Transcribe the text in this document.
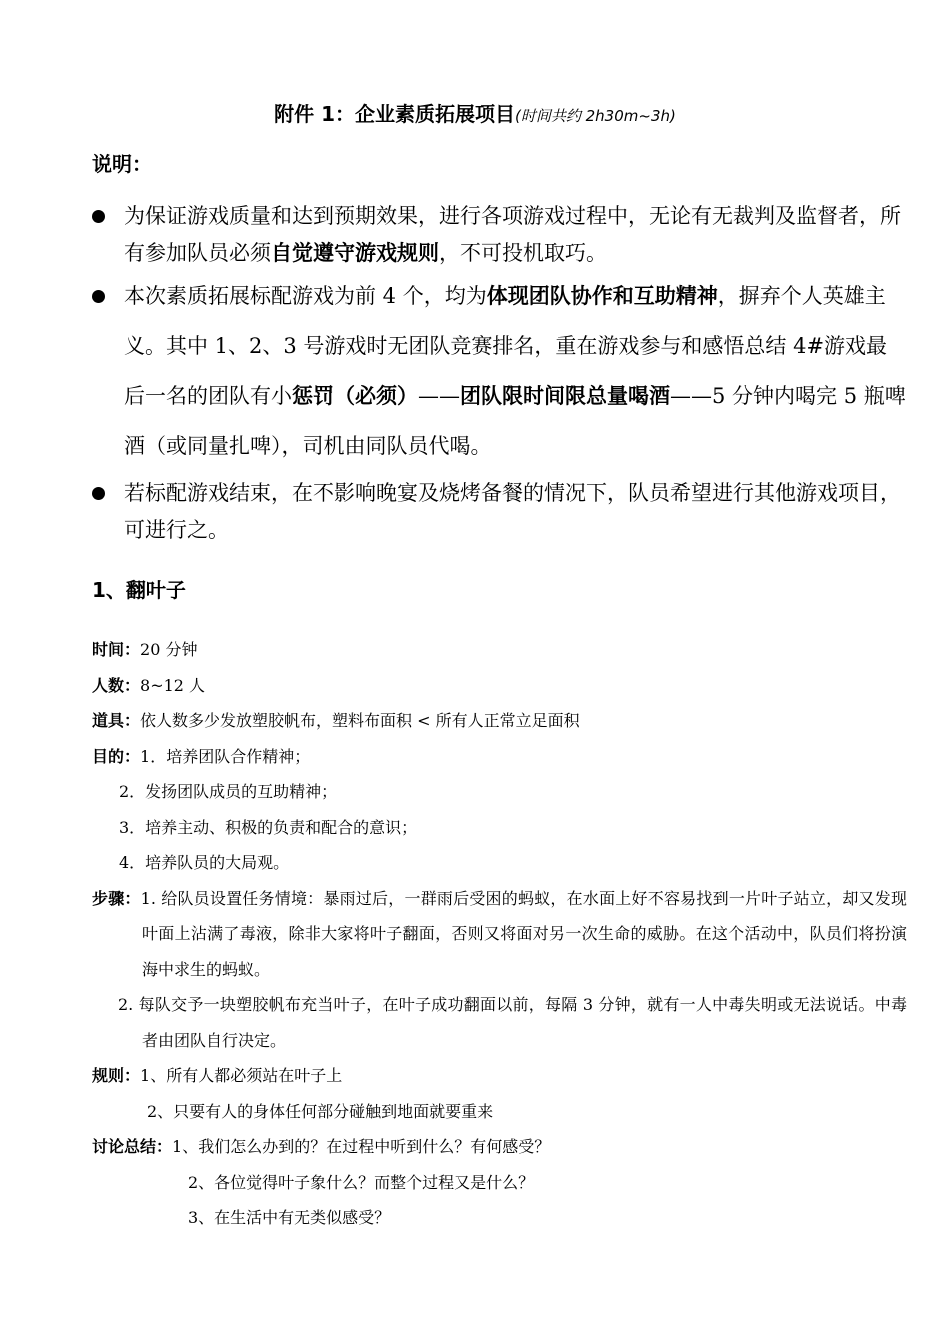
附件 1：企业素质拓展项目(时间共约 2h30m~3h)
说明：
为保证游戏质量和达到预期效果，进行各项游戏过程中，无论有无裁判及监督者，所有参加队员必须自觉遵守游戏规则，不可投机取巧。
本次素质拓展标配游戏为前 4 个，均为体现团队协作和互助精神，摒弃个人英雄主义。其中 1、2、3 号游戏时无团队竞赛排名，重在游戏参与和感悟总结 4#游戏最后一名的团队有小惩罚（必须）——团队限时间限总量喝酒——5 分钟内喝完 5 瓶啤酒（或同量扎啤），司机由同队员代喝。
若标配游戏结束，在不影响晚宴及烧烤备餐的情况下，队员希望进行其他游戏项目，可进行之。
1、翻叶子
时间：20 分钟
人数：8~12 人
道具：依人数多少发放塑胶帆布，塑料布面积 < 所有人正常立足面积
目的：1．培养团队合作精神；
2．发扬团队成员的互助精神；
3．培养主动、积极的负责和配合的意识；
4．培养队员的大局观。
步骤：1. 给队员设置任务情境：暴雨过后，一群雨后受困的蚂蚁，在水面上好不容易找到一片叶子站立，却又发现叶面上沾满了毒液，除非大家将叶子翻面，否则又将面对另一次生命的威胁。在这个活动中，队员们将扮演海中求生的蚂蚁。
2. 每队交予一块塑胶帆布充当叶子，在叶子成功翻面以前，每隔 3 分钟，就有一人中毒失明或无法说话。中毒者由团队自行决定。
规则：1、所有人都必须站在叶子上
2、只要有人的身体任何部分碰触到地面就要重来
讨论总结：1、我们怎么办到的？在过程中听到什么？有何感受？
2、各位觉得叶子象什么？而整个过程又是什么？
3、在生活中有无类似感受？
